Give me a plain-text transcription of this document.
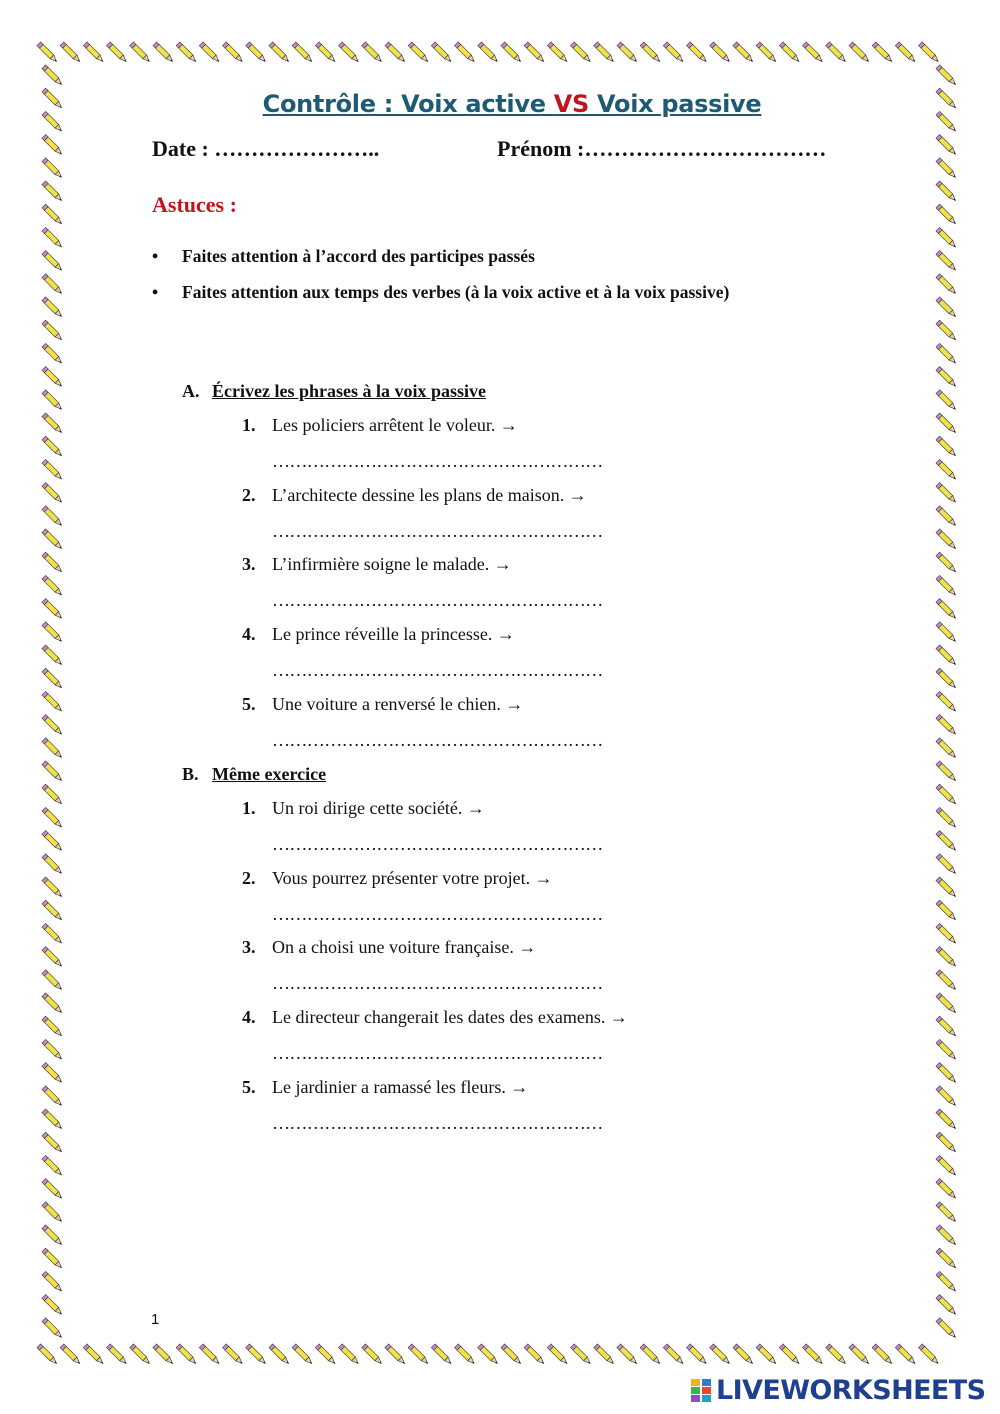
Contrôle : Voix active VS Voix passive
Date : …………………..	Prénom :……………………………
Astuces :
• Faites attention à l’accord des participes passés
• Faites attention aux temps des verbes (à la voix active et à la voix passive)
A. Écrivez les phrases à la voix passive
1. Les policiers arrêtent le voleur. →
…………………………………………………
2. L’architecte dessine les plans de maison. →
…………………………………………………
3. L’infirmière soigne le malade. →
…………………………………………………
4. Le prince réveille la princesse. →
…………………………………………………
5. Une voiture a renversé le chien. →
…………………………………………………
B. Même exercice
1. Un roi dirige cette société. →
…………………………………………………
2. Vous pourrez présenter votre projet. →
…………………………………………………
3. On a choisi une voiture française. →
…………………………………………………
4. Le directeur changerait les dates des examens. →
…………………………………………………
5. Le jardinier a ramassé les fleurs. →
…………………………………………………
1
LIVEWORKSHEETS
